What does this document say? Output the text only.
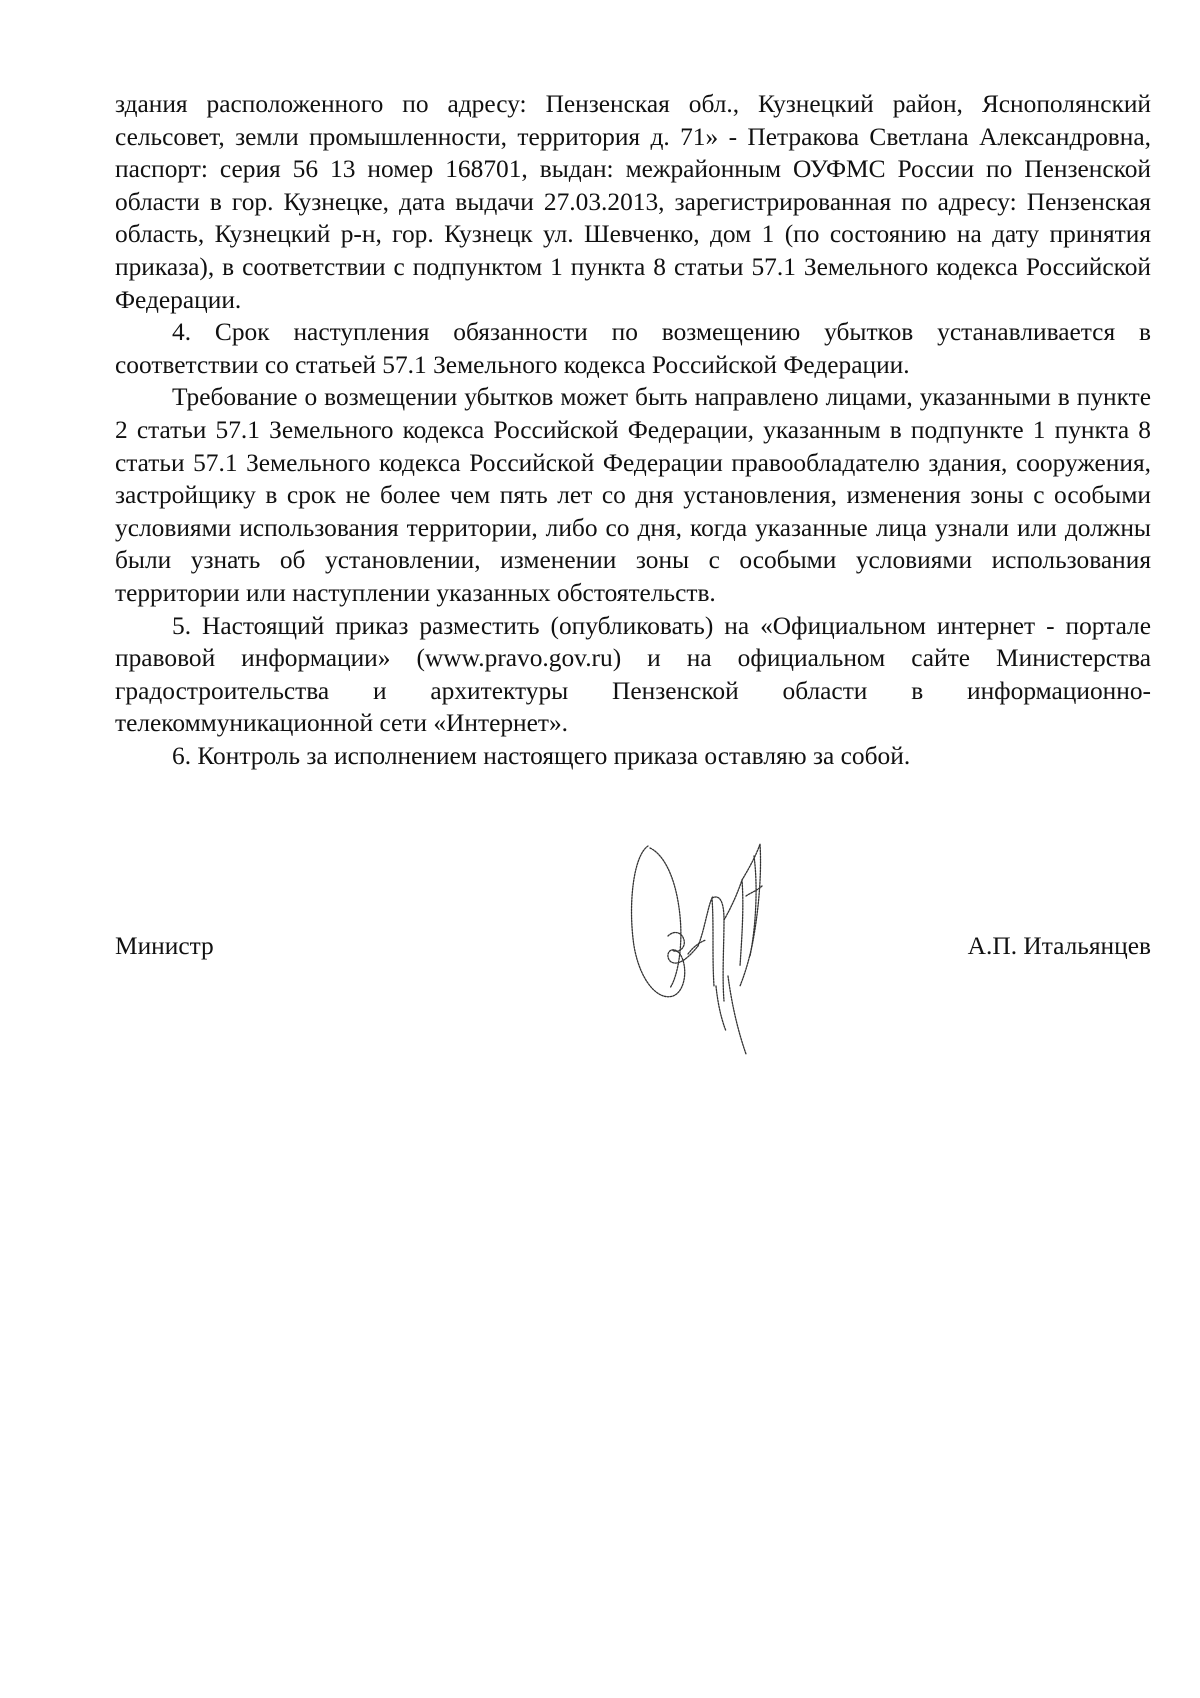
здания расположенного по адресу: Пензенская обл., Кузнецкий район, Яснополянский сельсовет, земли промышленности, территория д. 71» - Петракова Светлана Александровна, паспорт: серия 56 13 номер 168701, выдан: межрайонным ОУФМС России по Пензенской области в гор. Кузнецке, дата выдачи 27.03.2013, зарегистрированная по адресу: Пензенская область, Кузнецкий р-н, гор. Кузнецк ул. Шевченко, дом 1 (по состоянию на дату принятия приказа), в соответствии с подпунктом 1 пункта 8 статьи 57.1 Земельного кодекса Российской Федерации.

4. Срок наступления обязанности по возмещению убытков устанавливается в соответствии со статьей 57.1 Земельного кодекса Российской Федерации.

Требование о возмещении убытков может быть направлено лицами, указанными в пункте 2 статьи 57.1 Земельного кодекса Российской Федерации, указанным в подпункте 1 пункта 8 статьи 57.1 Земельного кодекса Российской Федерации правообладателю здания, сооружения, застройщику в срок не более чем пять лет со дня установления, изменения зоны с особыми условиями использования территории, либо со дня, когда указанные лица узнали или должны были узнать об установлении, изменении зоны с особыми условиями использования территории или наступлении указанных обстоятельств.

5. Настоящий приказ разместить (опубликовать) на «Официальном интернет - портале правовой информации» (www.pravo.gov.ru) и на официальном сайте Министерства градостроительства и архитектуры Пензенской области в информационно-телекоммуникационной сети «Интернет».

6. Контроль за исполнением настоящего приказа оставляю за собой.

Министр	А.П. Итальянцев
